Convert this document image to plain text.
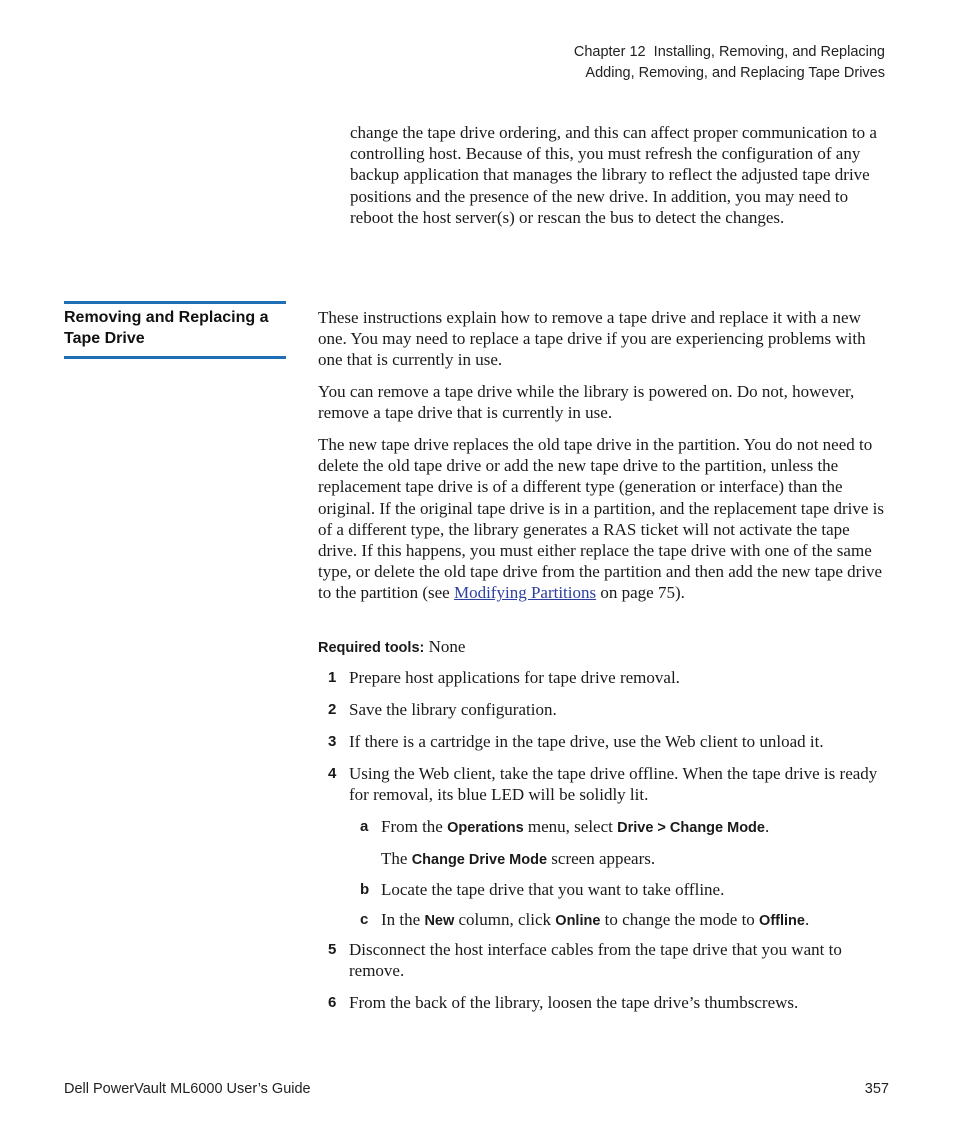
Chapter 12  Installing, Removing, and Replacing
Adding, Removing, and Replacing Tape Drives

change the tape drive ordering, and this can affect proper communication to a controlling host. Because of this, you must refresh the configuration of any backup application that manages the library to reflect the adjusted tape drive positions and the presence of the new drive. In addition, you may need to reboot the host server(s) or rescan the bus to detect the changes.

Removing and Replacing a Tape Drive

These instructions explain how to remove a tape drive and replace it with a new one. You may need to replace a tape drive if you are experiencing problems with one that is currently in use.

You can remove a tape drive while the library is powered on. Do not, however, remove a tape drive that is currently in use.

The new tape drive replaces the old tape drive in the partition. You do not need to delete the old tape drive or add the new tape drive to the partition, unless the replacement tape drive is of a different type (generation or interface) than the original. If the original tape drive is in a partition, and the replacement tape drive is of a different type, the library generates a RAS ticket will not activate the tape drive. If this happens, you must either replace the tape drive with one of the same type, or delete the old tape drive from the partition and then add the new tape drive to the partition (see Modifying Partitions on page 75).

Required tools: None

1 Prepare host applications for tape drive removal.
2 Save the library configuration.
3 If there is a cartridge in the tape drive, use the Web client to unload it.
4 Using the Web client, take the tape drive offline. When the tape drive is ready for removal, its blue LED will be solidly lit.
a From the Operations menu, select Drive > Change Mode.
The Change Drive Mode screen appears.
b Locate the tape drive that you want to take offline.
c In the New column, click Online to change the mode to Offline.
5 Disconnect the host interface cables from the tape drive that you want to remove.
6 From the back of the library, loosen the tape drive’s thumbscrews.
Dell PowerVault ML6000 User’s Guide	357
